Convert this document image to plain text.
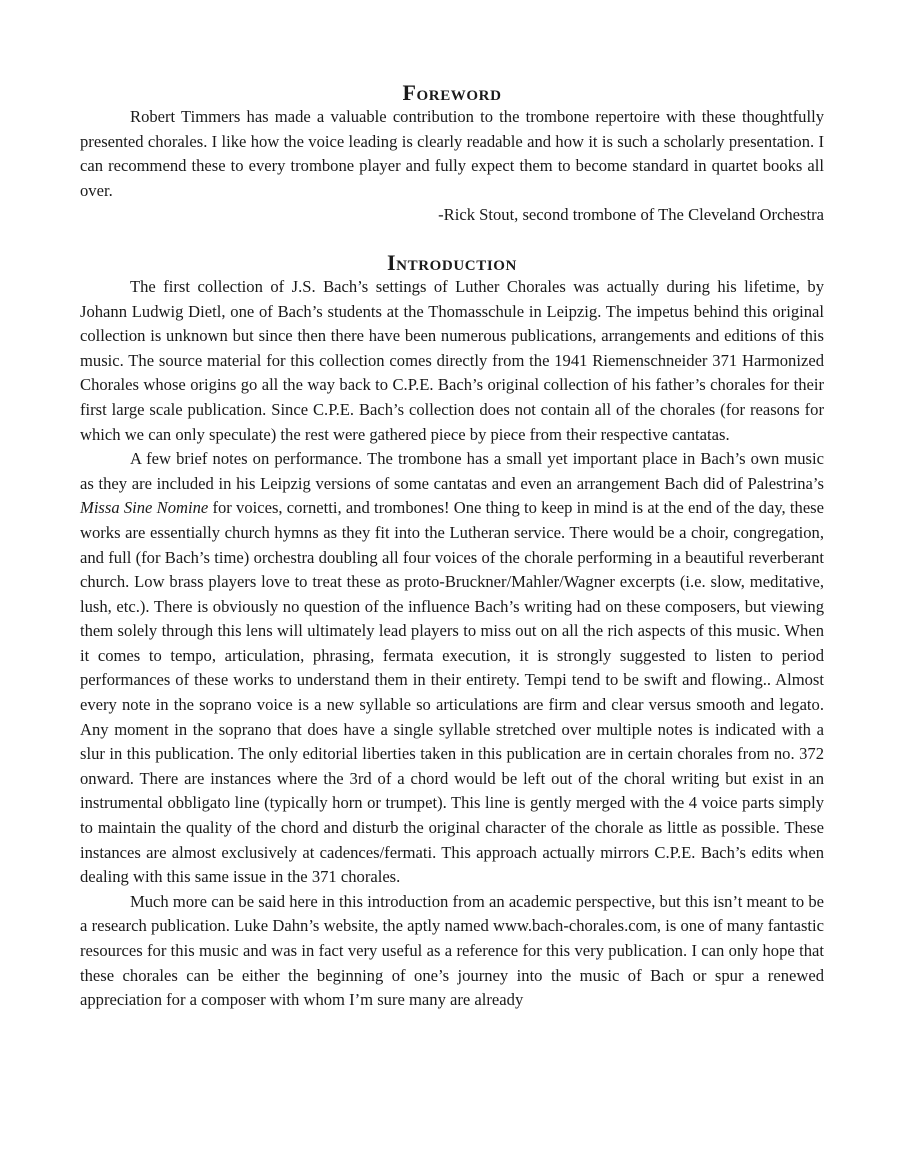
Foreword

Robert Timmers has made a valuable contribution to the trombone repertoire with these thoughtfully presented chorales. I like how the voice leading is clearly readable and how it is such a scholarly presentation. I can recommend these to every trombone player and fully expect them to become standard in quartet books all over.

-Rick Stout, second trombone of The Cleveland Orchestra

Introduction

The first collection of J.S. Bach’s settings of Luther Chorales was actually during his lifetime, by Johann Ludwig Dietl, one of Bach’s students at the Thomasschule in Leipzig. The impetus behind this original collection is unknown but since then there have been numerous publications, arrangements and editions of this music. The source material for this collection comes directly from the 1941 Riemenschneider 371 Harmonized Chorales whose origins go all the way back to C.P.E. Bach’s original collection of his father’s chorales for their first large scale publication. Since C.P.E. Bach’s collection does not contain all of the chorales (for reasons for which we can only speculate) the rest were gathered piece by piece from their respective cantatas.

A few brief notes on performance. The trombone has a small yet important place in Bach’s own music as they are included in his Leipzig versions of some cantatas and even an arrangement Bach did of Palestrina’s Missa Sine Nomine for voices, cornetti, and trombones! One thing to keep in mind is at the end of the day, these works are essentially church hymns as they fit into the Lutheran service. There would be a choir, congregation, and full (for Bach’s time) orchestra doubling all four voices of the chorale performing in a beautiful reverberant church. Low brass players love to treat these as proto-Bruckner/Mahler/Wagner excerpts (i.e. slow, meditative, lush, etc.). There is obviously no question of the influence Bach’s writing had on these composers, but viewing them solely through this lens will ultimately lead players to miss out on all the rich aspects of this music. When it comes to tempo, articulation, phrasing, fermata execution, it is strongly suggested to listen to period performances of these works to understand them in their entirety. Tempi tend to be swift and flowing.. Almost every note in the soprano voice is a new syllable so articulations are firm and clear versus smooth and legato. Any moment in the soprano that does have a single syllable stretched over multiple notes is indicated with a slur in this publication. The only editorial liberties taken in this publication are in certain chorales from no. 372 onward. There are instances where the 3rd of a chord would be left out of the choral writing but exist in an instrumental obbligato line (typically horn or trumpet). This line is gently merged with the 4 voice parts simply to maintain the quality of the chord and disturb the original character of the chorale as little as possible. These instances are almost exclusively at cadences/fermati. This approach actually mirrors C.P.E. Bach’s edits when dealing with this same issue in the 371 chorales.

Much more can be said here in this introduction from an academic perspective, but this isn’t meant to be a research publication. Luke Dahn’s website, the aptly named www.bach-chorales.com, is one of many fantastic resources for this music and was in fact very useful as a reference for this very publication. I can only hope that these chorales can be either the beginning of one’s journey into the music of Bach or spur a renewed appreciation for a composer with whom I’m sure many are already
